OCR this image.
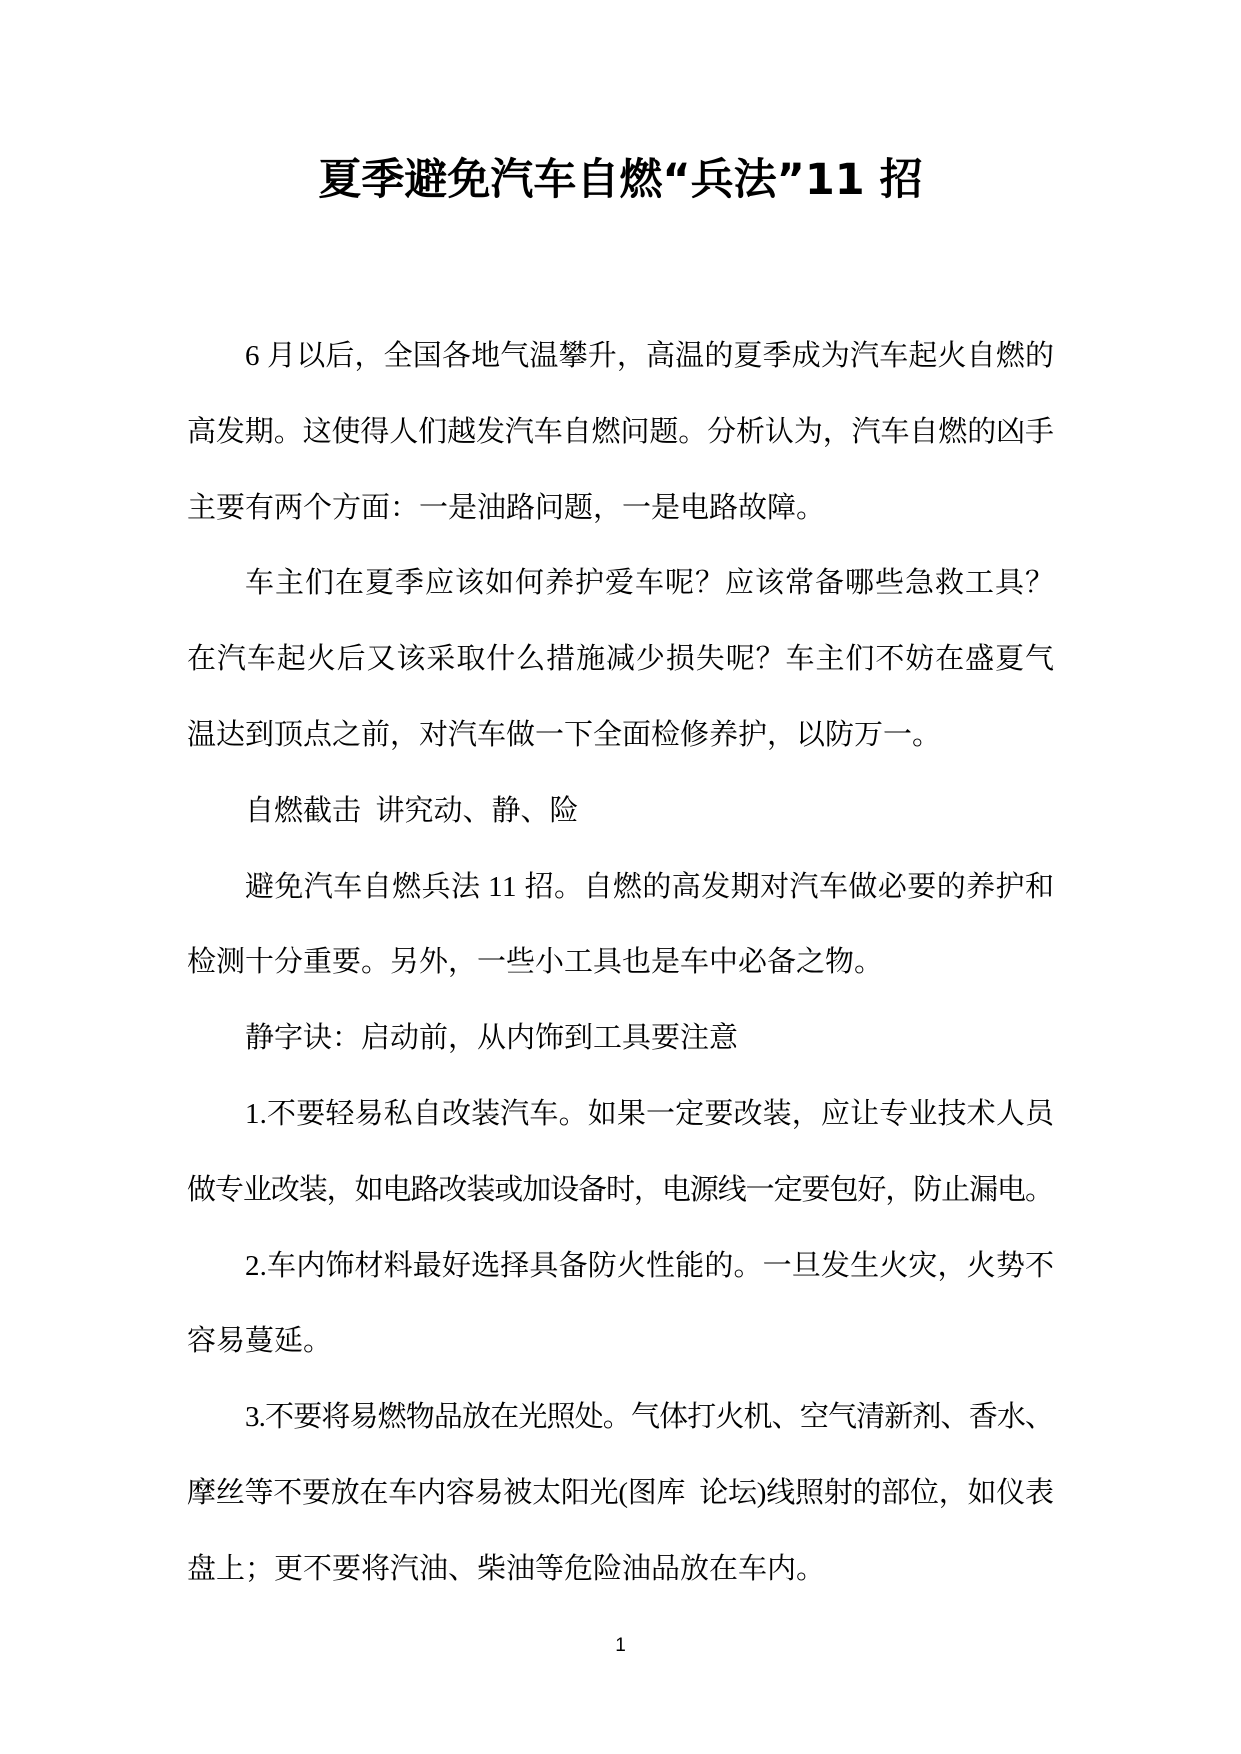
夏季避免汽车自燃“兵法”11 招
6 月以后，全国各地气温攀升，高温的夏季成为汽车起火自燃的
高发期。这使得人们越发汽车自燃问题。分析认为，汽车自燃的凶手
主要有两个方面：一是油路问题，一是电路故障。
车主们在夏季应该如何养护爱车呢？应该常备哪些急救工具？
在汽车起火后又该采取什么措施减少损失呢？车主们不妨在盛夏气
温达到顶点之前，对汽车做一下全面检修养护，以防万一。
自燃截击  讲究动、静、险
避免汽车自燃兵法 11 招。自燃的高发期对汽车做必要的养护和
检测十分重要。另外，一些小工具也是车中必备之物。
静字诀：启动前，从内饰到工具要注意
1.不要轻易私自改装汽车。如果一定要改装，应让专业技术人员
做专业改装，如电路改装或加设备时，电源线一定要包好，防止漏电。
2.车内饰材料最好选择具备防火性能的。一旦发生火灾，火势不
容易蔓延。
3.不要将易燃物品放在光照处。气体打火机、空气清新剂、香水、
摩丝等不要放在车内容易被太阳光(图库  论坛)线照射的部位，如仪表
盘上；更不要将汽油、柴油等危险油品放在车内。
1
